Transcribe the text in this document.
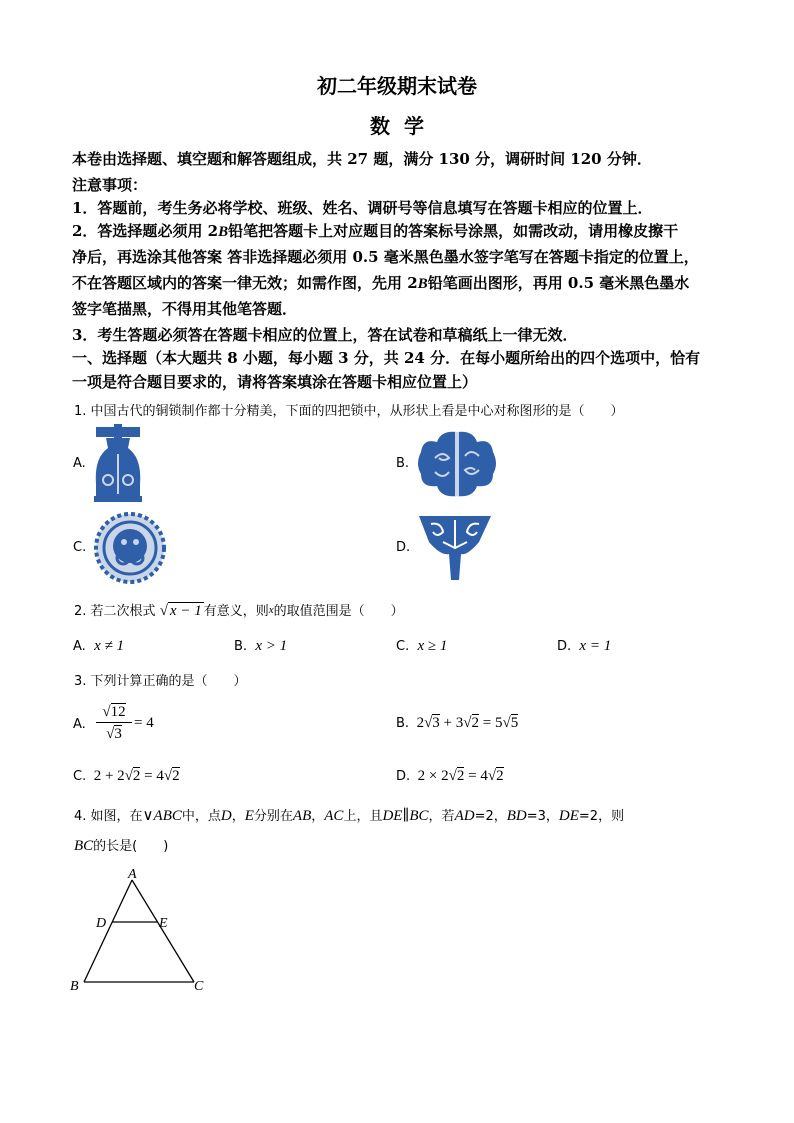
初二年级期末试卷
数学
本卷由选择题、填空题和解答题组成，共 27 题，满分 130 分，调研时间 120 分钟．
注意事项：
1．答题前，考生务必将学校、班级、姓名、调研号等信息填写在答题卡相应的位置上．
2．答选择题必须用 2B铅笔把答题卡上对应题目的答案标号涂黑，如需改动，请用橡皮擦干
净后，再选涂其他答案 答非选择题必须用 0.5 毫米黑色墨水签字笔写在答题卡指定的位置上，
不在答题区域内的答案一律无效；如需作图，先用 2B铅笔画出图形，再用 0.5 毫米黑色墨水
签字笔描黑，不得用其他笔答题．
3．考生答题必须答在答题卡相应的位置上，答在试卷和草稿纸上一律无效．
一、选择题（本大题共 8 小题，每小题 3 分，共 24 分．在每小题所给出的四个选项中，恰有
一项是符合题目要求的，请将答案填涂在答题卡相应位置上）
1. 中国古代的铜锁制作都十分精美，下面的四把锁中，从形状上看是中心对称图形的是（　　）
A.	B.
C.	D.
2. 若二次根式 √ x − 1 有意义，则x的取值范围是（　　）
A. x ≠ 1	B. x > 1	C. x ≥ 1	D. x = 1
3. 下列计算正确的是（　　）
A. $\frac{√12}{√3} = 4$	B. 2√3 + 3√2 = 5√5
C. 2 + 2√2 = 4√2	D. 2 × 2√2 = 4√2
4. 如图，在∨ABC中，点D，E分别在AB，AC上，且DE∥BC，若AD=2，BD=3，DE=2，则
BC的长是(　　)
A
D	E
B	C
